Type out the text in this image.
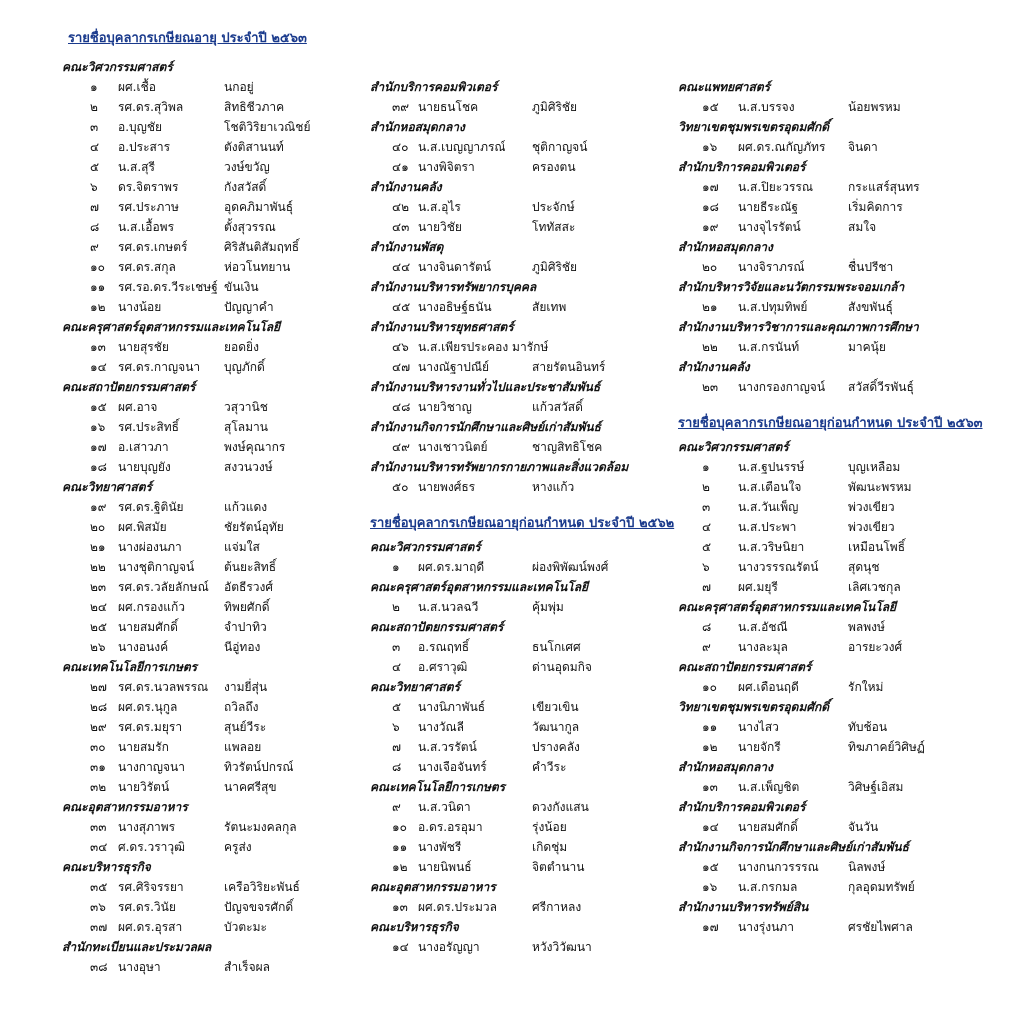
รายชื่อบุคลากรเกษียณอายุ ประจำปี ๒๕๖๓
คณะวิศวกรรมศาสตร์
๑ ผศ.เชื้อ	นกอยู่
๒ รศ.ดร.สุวิพล	สิทธิชีวภาค
๓ อ.บุญชัย	โชติวิริยาเวณิชย์
๔ อ.ประสาร	ตังติสานนท์
๕ น.ส.สุรี	วงษ์ขวัญ
๖ ดร.จิตราพร	กังสวัสดิ์
๗ รศ.ประภาษ	อุดคภิมาพันธุ์
๘ น.ส.เอื้อพร	ตั้งสุวรรณ
๙ รศ.ดร.เกษตร์	ศิริสันติสัมฤทธิ์
๑๐ รศ.ดร.สกุล	ห่อวโนทยาน
๑๑ รศ.รอ.ดร.วีระเชษฐ์ ขันเงิน
๑๒ นางน้อย	ปัญญาคำ
คณะครุศาสตร์อุตสาหกรรมและเทคโนโลยี
๑๓ นายสุรชัย	ยอดยิ่ง
๑๔ รศ.ดร.กาญจนา บุญภักดิ์
คณะสถาปัตยกรรมศาสตร์
๑๕ ผศ.อาจ	วสุวานิช
๑๖ รศ.ประสิทธิ์	สุโลมาน
๑๗ อ.เสาวภา	พงษ์คุณากร
๑๘ นายบุญยัง	สงวนวงษ์
คณะวิทยาศาสตร์
๑๙ รศ.ดร.ฐิตินัย	แก้วแดง
๒๐ ผศ.พิสมัย	ชัยรัตน์อุทัย
๒๑ นางผ่องนภา	แจ่มใส
๒๒ นางชุติกาญจน์ ต้นยะสิทธิ์
๒๓ รศ.ดร.วลัยลักษณ์ อัตธีรวงศ์
๒๔ ผศ.กรองแก้ว	ทิพยศักดิ์
๒๕ นายสมศักดิ์	จำปาทิว
๒๖ นางอนงค์	นีอู่ทอง
คณะเทคโนโลยีการเกษตร
๒๗ รศ.ดร.นวลพรรณ งามยี่สุ่น
๒๘ ผศ.ดร.นุกูล	ถวิลถึง
๒๙ รศ.ดร.มยุรา	สุนย์วีระ
๓๐ นายสมรัก	แพลอย
๓๑ นางกาญจนา	ทิวรัตน์ปกรณ์
๓๒ นายวิรัตน์	นาคศรีสุข
คณะอุตสาหกรรมอาหาร
๓๓ นางสุภาพร	รัตนะมงคลกุล
๓๔ ศ.ดร.วราวุฒิ	ครูส่ง
คณะบริหารธุรกิจ
๓๕ รศ.ศิริจรรยา	เครือวิริยะพันธ์
๓๖ รศ.ดร.วินัย	ปัญจขจรศักดิ์
๓๗ ผศ.ดร.อุรสา	บัวตะมะ
สำนักทะเบียนและประมวลผล
๓๘ นางอุษา	สำเร็จผล
สำนักบริการคอมพิวเตอร์
๓๙ นายธนโชค	ภูมิศิริชัย
สำนักหอสมุดกลาง
๔๐ น.ส.เบญญาภรณ์ ชุติกาญจน์
๔๑ นางพิจิตรา	ครองตน
สำนักงานคลัง
๔๒ น.ส.อุไร	ประจักษ์
๔๓ นายวิชัย	โททัสสะ
สำนักงานพัสดุ
๔๔ นางจินดารัตน์	ภูมิศิริชัย
สำนักงานบริหารทรัพยากรบุคคล
๔๕ นางอธิษฐ์ธนัน	สัยเทพ
สำนักงานบริหารยุทธศาสตร์
๔๖ น.ส.เพียรประคอง มารักษ์
๔๗ นางณัฐาปณีย์	สายรัตนอินทร์
สำนักงานบริหารงานทั่วไปและประชาสัมพันธ์
๔๘ นายวิชาญ	แก้วสวัสดิ์
สำนักงานกิจการนักศึกษาและศิษย์เก่าสัมพันธ์
๔๙ นางเชาวนิตย์	ชาญสิทธิโชค
สำนักงานบริหารทรัพยากรกายภาพและสิ่งแวดล้อม
๕๐ นายพงศ์ธร	หางแก้ว
รายชื่อบุคลากรเกษียณอายุก่อนกำหนด ประจำปี ๒๕๖๒
คณะวิศวกรรมศาสตร์
๑ ผศ.ดร.มาฤดี	ผ่องพิพัฒน์พงศ์
คณะครุศาสตร์อุตสาหกรรมและเทคโนโลยี
๒ น.ส.นวลฉวี	คุ้มพุ่ม
คณะสถาปัตยกรรมศาสตร์
๓ อ.รณฤทธิ์	ธนโกเศศ
๔ อ.ศราวุฒิ	ด่านอุดมกิจ
คณะวิทยาศาสตร์
๕ นางนิภาพันธ์	เขียวเขิน
๖ นางวัณลี	วัฒนากูล
๗ น.ส.วรรัตน์	ปรางคลัง
๘ นางเจือจันทร์	คำวีระ
คณะเทคโนโลยีการเกษตร
๙ น.ส.วนิดา	ดวงกังแสน
๑๐ อ.ดร.อรอุมา	รุ่งน้อย
๑๑ นางพัชรี	เกิดชุ่ม
๑๒ นายนิพนธ์	จิตตำนาน
คณะอุตสาหกรรมอาหาร
๑๓ ผศ.ดร.ประมวล	ศรีกาหลง
คณะบริหารธุรกิจ
๑๔ นางอรัญญา	หวังวิวัฒนา
คณะแพทยศาสตร์
๑๕ น.ส.บรรจง	น้อยพรหม
วิทยาเขตชุมพรเขตรอุดมศักดิ์
๑๖ ผศ.ดร.ณกัญภัทร จินดา
สำนักบริการคอมพิวเตอร์
๑๗ น.ส.ปิยะวรรณ	กระแสร์สุนทร
๑๘ นายธีระณัฐ	เริ่มคิดการ
๑๙ นางจุไรรัตน์	สมใจ
สำนักหอสมุดกลาง
๒๐ นางจิราภรณ์	ชื่นปรีชา
สำนักบริหารวิจัยและนวัตกรรมพระจอมเกล้า
๒๑ น.ส.ปทุมทิพย์	สังขพันธุ์
สำนักงานบริหารวิชาการและคุณภาพการศึกษา
๒๒ น.ส.กรนันท์	มาคนุ้ย
สำนักงานคลัง
๒๓ นางกรองกาญจน์ สวัสดิ์วีรพันธุ์
รายชื่อบุคลากรเกษียณอายุก่อนกำหนด ประจำปี ๒๕๖๓
คณะวิศวกรรมศาสตร์
๑ น.ส.ฐปนรรษ์	บุญเหลือม
๒ น.ส.เตือนใจ	พัฒนะพรหม
๓ น.ส.วันเพ็ญ	พ่วงเขียว
๔ น.ส.ประพา	พ่วงเขียว
๕ น.ส.วริษนิยา	เหมือนโพธิ์
๖ นางวรรรณรัตน์ สุดนุช
๗ ผศ.มยุรี	เลิศเวชกุล
คณะครุศาสตร์อุตสาหกรรมและเทคโนโลยี
๘ น.ส.อัชณี	พลพงษ์
๙ นางละมุล	อารยะวงศ์
คณะสถาปัตยกรรมศาสตร์
๑๐ ผศ.เดือนฤดี	รักใหม่
วิทยาเขตชุมพรเขตรอุดมศักดิ์
๑๑ นางไสว	ทับช้อน
๑๒ นายจักรี	ทิฆภาคย์วิศิษฏ์
สำนักหอสมุดกลาง
๑๓ น.ส.เพ็ญชิต	วิศิษฐ์เอิสม
สำนักบริการคอมพิวเตอร์
๑๔ นายสมศักดิ์	จันวัน
สำนักงานกิจการนักศึกษาและศิษย์เก่าสัมพันธ์
๑๕ นางกนกวรรรณ นิลพงษ์
๑๖ น.ส.กรกมล	กุลอุดมทรัพย์
สำนักงานบริหารทรัพย์สิน
๑๗ นางรุ่งนภา	ศรชัยไพศาล
